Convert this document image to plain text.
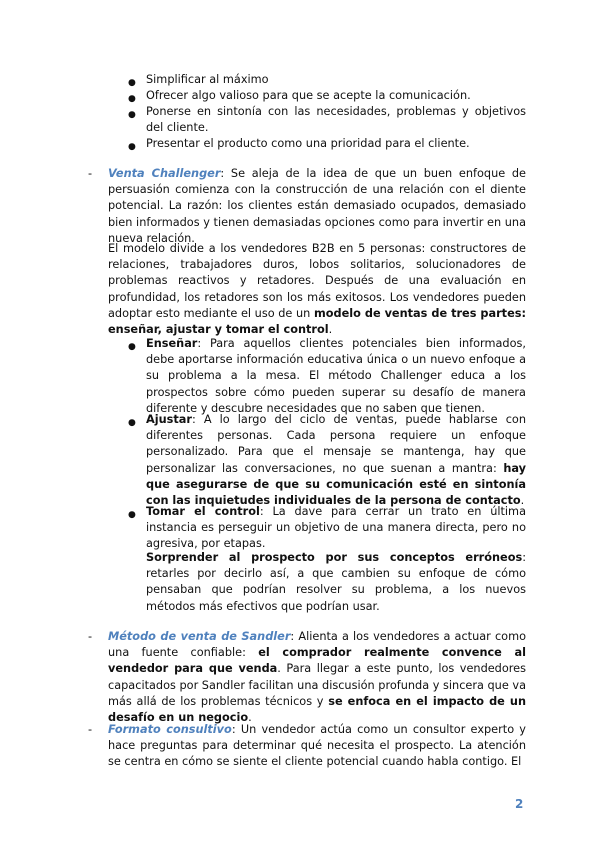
● Simplificar al máximo
● Ofrecer algo valioso para que se acepte la comunicación.
● Ponerse en sintonía con las necesidades, problemas y objetivos del cliente.
● Presentar el producto como una prioridad para el cliente.
- Venta Challenger: Se aleja de la idea de que un buen enfoque de persuasión comienza con la construcción de una relación con el diente potencial. La razón: los clientes están demasiado ocupados, demasiado bien informados y tienen demasiadas opciones como para invertir en una nueva relación.
El modelo divide a los vendedores B2B en 5 personas: constructores de relaciones, trabajadores duros, lobos solitarios, solucionadores de problemas reactivos y retadores. Después de una evaluación en profundidad, los retadores son los más exitosos. Los vendedores pueden adoptar esto mediante el uso de un modelo de ventas de tres partes: enseñar, ajustar y tomar el control.
● Enseñar: Para aquellos clientes potenciales bien informados, debe aportarse información educativa única o un nuevo enfoque a su problema a la mesa. El método Challenger educa a los prospectos sobre cómo pueden superar su desafío de manera diferente y descubre necesidades que no saben que tienen.
● Ajustar: A lo largo del ciclo de ventas, puede hablarse con diferentes personas. Cada persona requiere un enfoque personalizado. Para que el mensaje se mantenga, hay que personalizar las conversaciones, no que suenan a mantra: hay que asegurarse de que su comunicación esté en sintonía con las inquietudes individuales de la persona de contacto.
● Tomar el control: La dave para cerrar un trato en última instancia es perseguir un objetivo de una manera directa, pero no agresiva, por etapas.
Sorprender al prospecto por sus conceptos erróneos: retarles por decirlo así, a que cambien su enfoque de cómo pensaban que podrían resolver su problema, a los nuevos métodos más efectivos que podrían usar.
- Método de venta de Sandler: Alienta a los vendedores a actuar como una fuente confiable: el comprador realmente convence al vendedor para que venda. Para llegar a este punto, los vendedores capacitados por Sandler facilitan una discusión profunda y sincera que va más allá de los problemas técnicos y se enfoca en el impacto de un desafío en un negocio.
- Formato consultivo: Un vendedor actúa como un consultor experto y hace preguntas para determinar qué necesita el prospecto. La atención se centra en cómo se siente el cliente potencial cuando habla contigo. El
2
